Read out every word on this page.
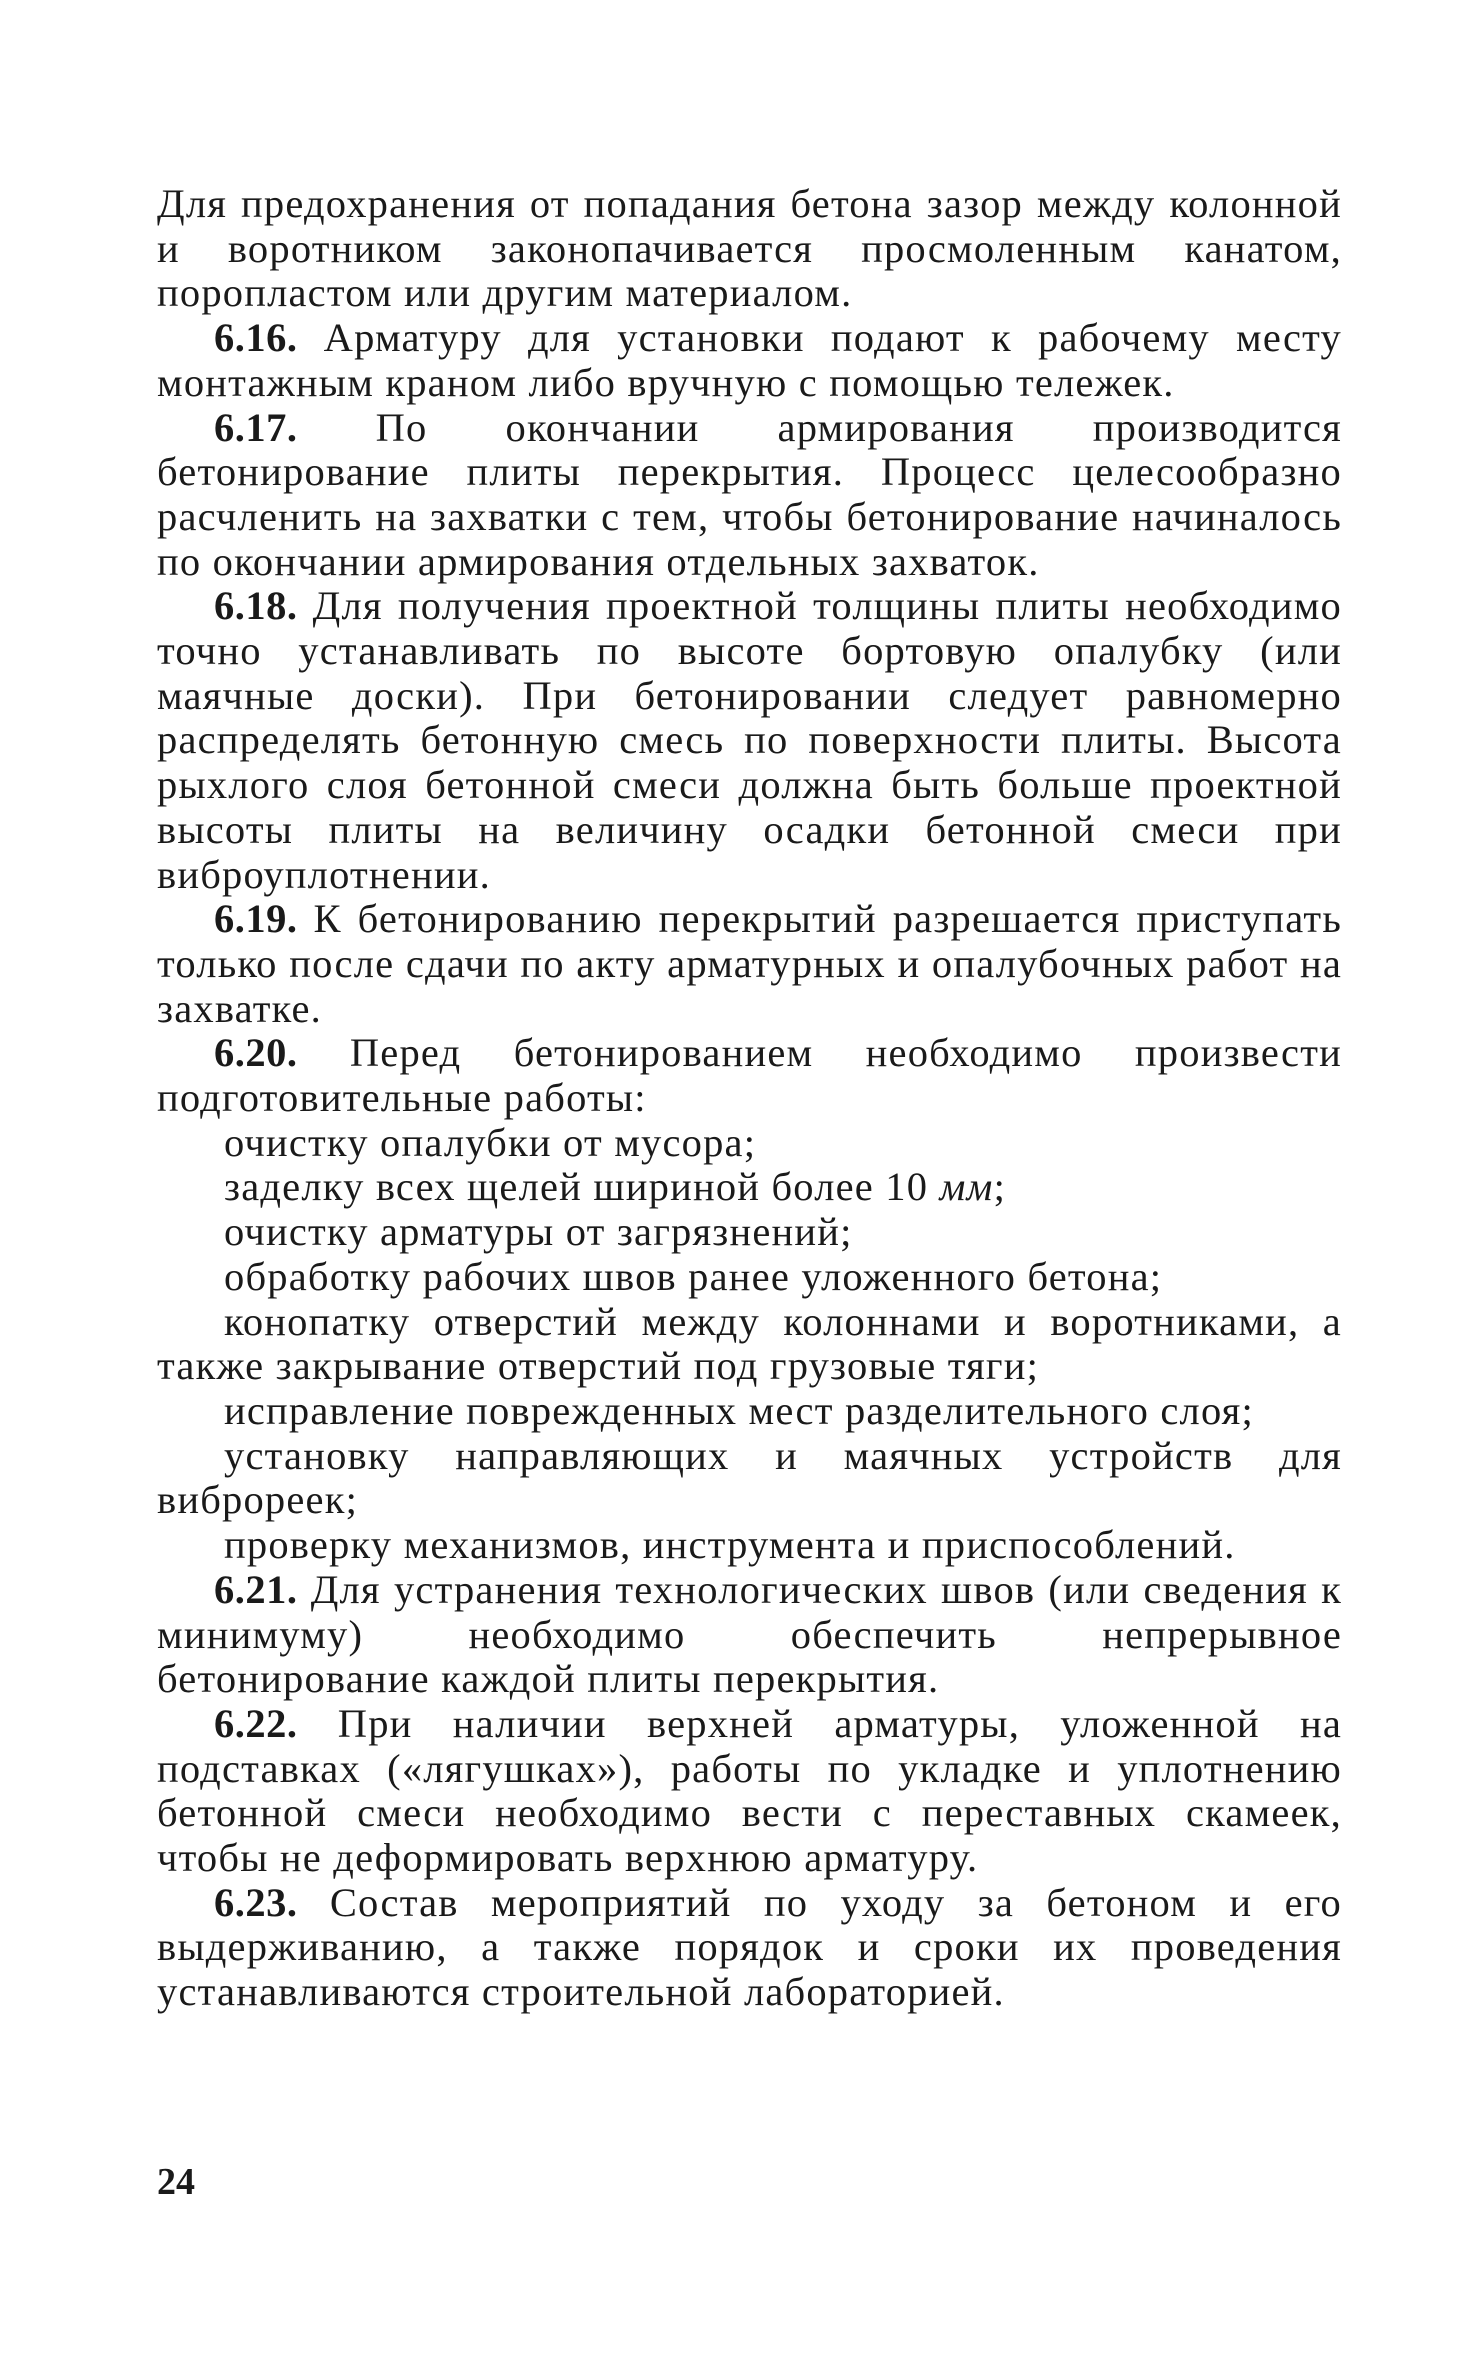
Для предохранения от попадания бетона зазор между колонной и воротником законопачивается просмоленным канатом, поропластом или другим материалом.

6.16. Арматуру для установки подают к рабочему месту монтажным краном либо вручную с помощью тележек.

6.17. По окончании армирования производится бетонирование плиты перекрытия. Процесс целесообразно расчленить на захватки с тем, чтобы бетонирование начиналось по окончании армирования отдельных захваток.

6.18. Для получения проектной толщины плиты необходимо точно устанавливать по высоте бортовую опалубку (или маячные доски). При бетонировании следует равномерно распределять бетонную смесь по поверхности плиты. Высота рыхлого слоя бетонной смеси должна быть больше проектной высоты плиты на величину осадки бетонной смеси при виброуплотнении.

6.19. К бетонированию перекрытий разрешается приступать только после сдачи по акту арматурных и опалубочных работ на захватке.

6.20. Перед бетонированием необходимо произвести подготовительные работы:

очистку опалубки от мусора;

заделку всех щелей шириной более 10 мм;

очистку арматуры от загрязнений;

обработку рабочих швов ранее уложенного бетона;

конопатку отверстий между колоннами и воротниками, а также закрывание отверстий под грузовые тяги;

исправление поврежденных мест разделительного слоя;

установку направляющих и маячных устройств для виброреек;

проверку механизмов, инструмента и приспособлений.

6.21. Для устранения технологических швов (или сведения к минимуму) необходимо обеспечить непрерывное бетонирование каждой плиты перекрытия.

6.22. При наличии верхней арматуры, уложенной на подставках («лягушках»), работы по укладке и уплотнению бетонной смеси необходимо вести с переставных скамеек, чтобы не деформировать верхнюю арматуру.

6.23. Состав мероприятий по уходу за бетоном и его выдерживанию, а также порядок и сроки их проведения устанавливаются строительной лабораторией.

24
